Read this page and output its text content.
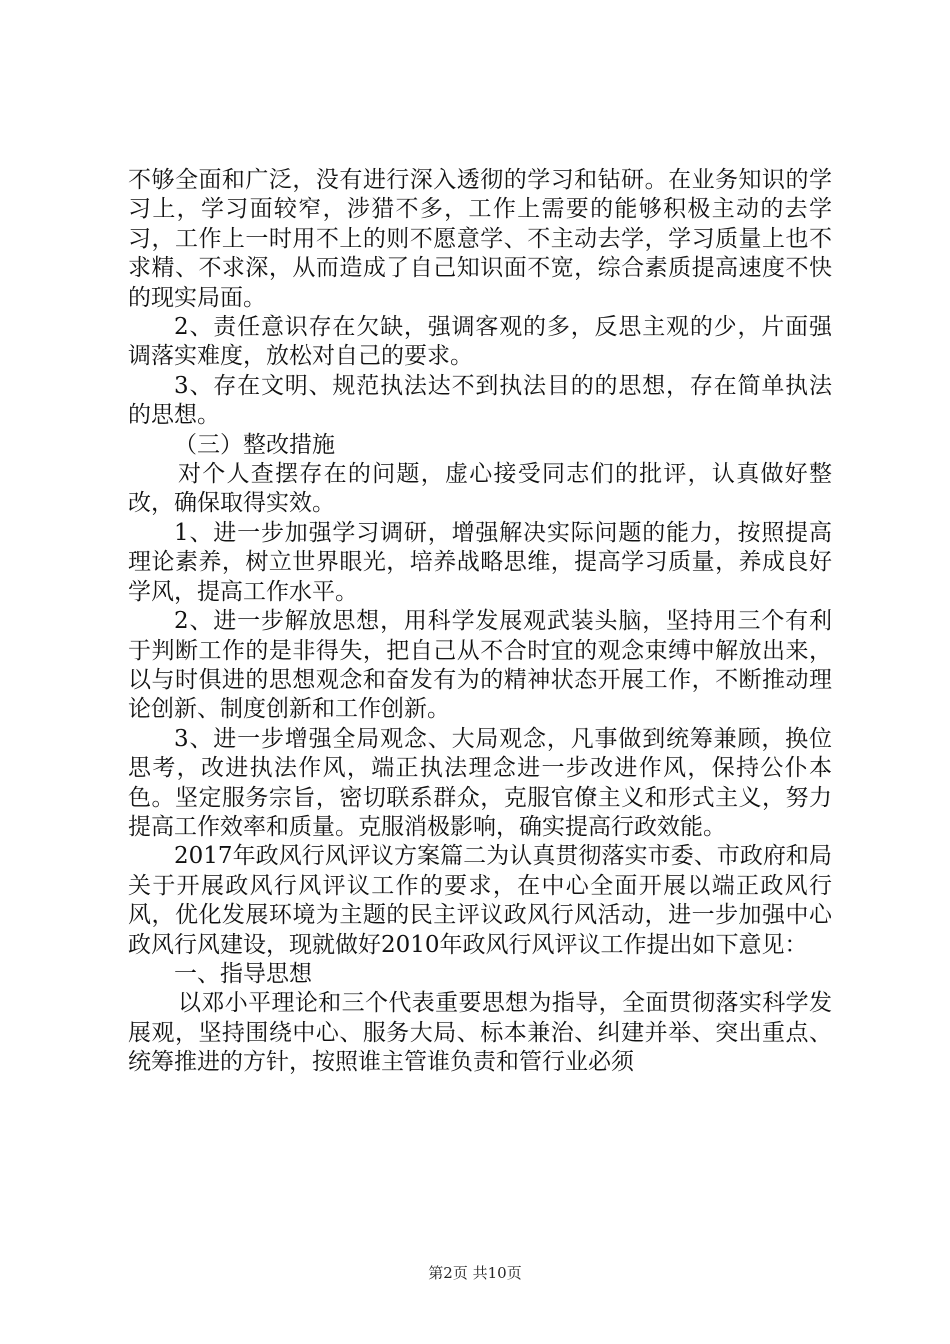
不够全面和广泛，没有进行深入透彻的学习和钻研。在业务知识的学习上，学习面较窄，涉猎不多，工作上需要的能够积极主动的去学习，工作上一时用不上的则不愿意学、不主动去学，学习质量上也不求精、不求深，从而造成了自己知识面不宽，综合素质提高速度不快的现实局面。

2、责任意识存在欠缺，强调客观的多，反思主观的少，片面强调落实难度，放松对自己的要求。

3、存在文明、规范执法达不到执法目的的思想，存在简单执法的思想。

（三）整改措施

对个人查摆存在的问题，虚心接受同志们的批评，认真做好整改，确保取得实效。

1、进一步加强学习调研，增强解决实际问题的能力，按照提高理论素养，树立世界眼光，培养战略思维，提高学习质量，养成良好学风，提高工作水平。

2、进一步解放思想，用科学发展观武装头脑，坚持用三个有利于判断工作的是非得失，把自己从不合时宜的观念束缚中解放出来，以与时俱进的思想观念和奋发有为的精神状态开展工作，不断推动理论创新、制度创新和工作创新。

3、进一步增强全局观念、大局观念，凡事做到统筹兼顾，换位思考，改进执法作风，端正执法理念进一步改进作风，保持公仆本色。坚定服务宗旨，密切联系群众，克服官僚主义和形式主义，努力提高工作效率和质量。克服消极影响，确实提高行政效能。

2017年政风行风评议方案篇二为认真贯彻落实市委、市政府和局关于开展政风行风评议工作的要求，在中心全面开展以端正政风行风，优化发展环境为主题的民主评议政风行风活动，进一步加强中心政风行风建设，现就做好2010年政风行风评议工作提出如下意见：

一、指导思想

以邓小平理论和三个代表重要思想为指导，全面贯彻落实科学发展观，坚持围绕中心、服务大局、标本兼治、纠建并举、突出重点、统筹推进的方针，按照谁主管谁负责和管行业必须

第2页 共10页
